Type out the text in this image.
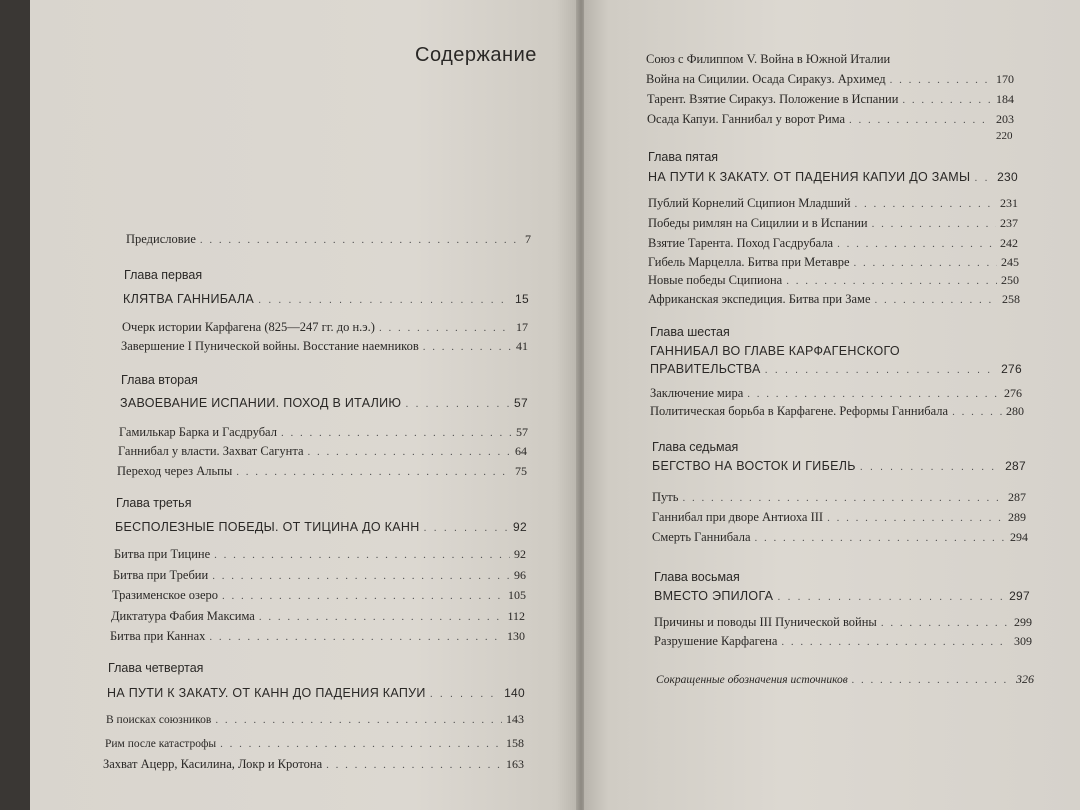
Содержание
Предисловие . . .	7
Глава первая
КЛЯТВА ГАННИБАЛА . . .	15
Очерк истории Карфагена (825—247 гг. до н.э.) . . .	17
Завершение I Пунической войны. Восстание наемников . . .	41
Глава вторая
ЗАВОЕВАНИЕ ИСПАНИИ. ПОХОД В ИТАЛИЮ . . .	57
Гамилькар Барка и Гасдрубал . . .	57
Ганнибал у власти. Захват Сагунта . . .	64
Переход через Альпы . . .	75
Глава третья
БЕСПОЛЕЗНЫЕ ПОБЕДЫ. ОТ ТИЦИНА ДО КАНН . . .	92
Битва при Тицине . . .	92
Битва при Требии . . .	96
Тразименское озеро . . .	105
Диктатура Фабия Максима . . .	112
Битва при Каннах . . .	130
Глава четвертая
НА ПУТИ К ЗАКАТУ. ОТ КАНН ДО ПАДЕНИЯ КАПУИ . . .	140
В поисках союзников . . .	143
Рим после катастрофы . . .	158
Захват Ацерр, Касилина, Локр и Кротона . . .	163
Союз с Филиппом V. Война в Южной Италии
Война на Сицилии. Осада Сиракуз. Архимед . . .	170
Тарент. Взятие Сиракуз. Положение в Испании . . .	184
Осада Капуи. Ганнибал у ворот Рима . . .	203
220
Глава пятая
НА ПУТИ К ЗАКАТУ. ОТ ПАДЕНИЯ КАПУИ ДО ЗАМЫ . . . 230
Публий Корнелий Сципион Младший . . .	231
Победы римлян на Сицилии и в Испании . . .	237
Взятие Тарента. Поход Гасдрубала . . .	242
Гибель Марцелла. Битва при Метавре . . .	245
Новые победы Сципиона . . .	250
Африканская экспедиция. Битва при Заме . . .	258
Глава шестая
ГАННИБАЛ ВО ГЛАВЕ КАРФАГЕНСКОГО
ПРАВИТЕЛЬСТВА . . .	276
Заключение мира . . .	276
Политическая борьба в Карфагене. Реформы Ганнибала . . .	280
Глава седьмая
БЕГСТВО НА ВОСТОК И ГИБЕЛЬ . . .	287
Путь . . .	287
Ганнибал при дворе Антиоха III . . .	289
Смерть Ганнибала . . .	294
Глава восьмая
ВМЕСТО ЭПИЛОГА . . .	297
Причины и поводы III Пунической войны . . .	299
Разрушение Карфагена . . .	309
Сокращенные обозначения источников . . .	326
